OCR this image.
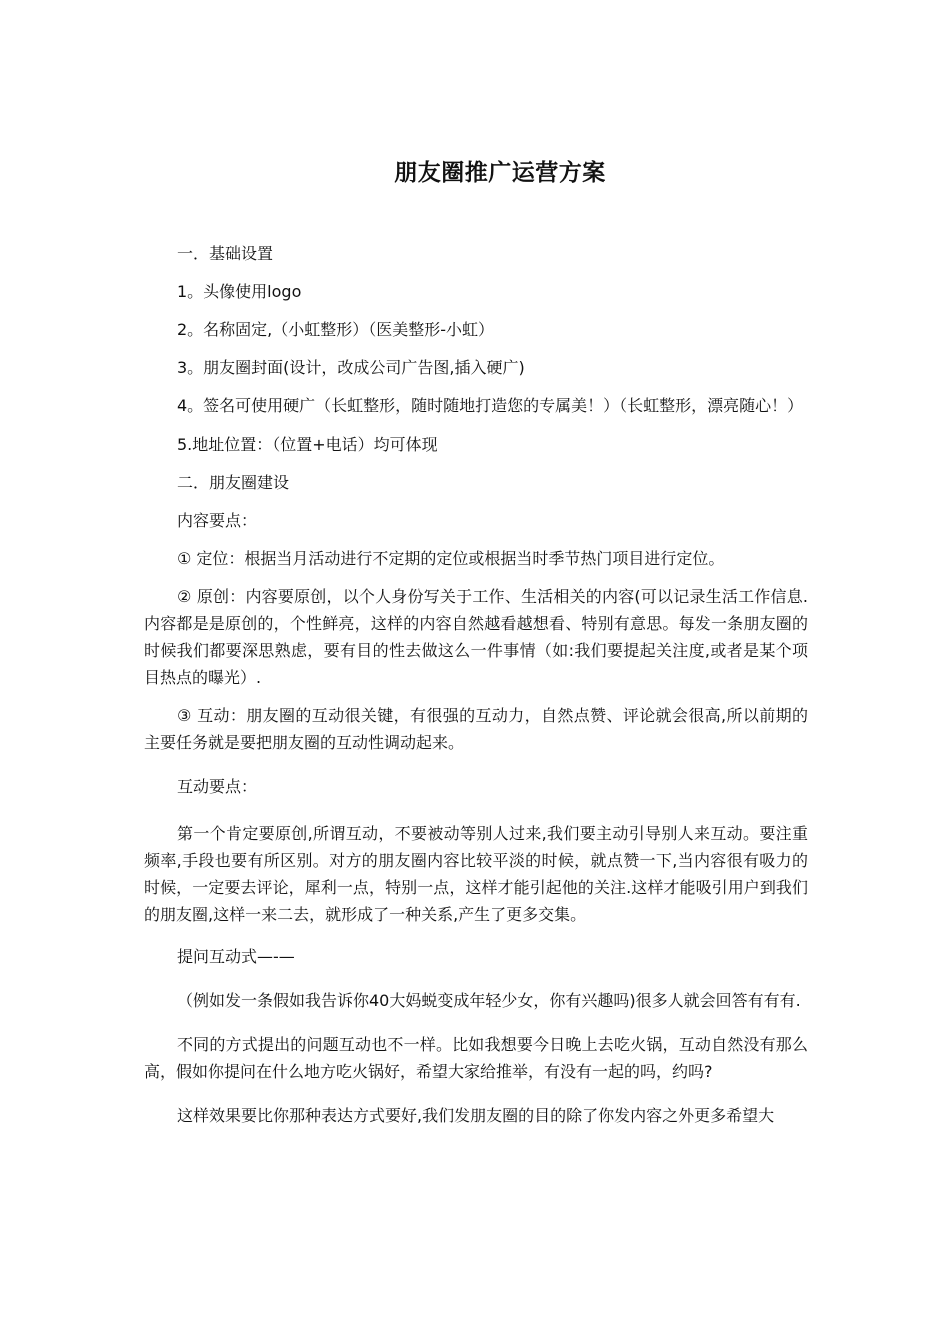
朋友圈推广运营方案

一．基础设置

1。头像使用logo

2。名称固定,（小虹整形）（医美整形-小虹）

3。朋友圈封面(设计，改成公司广告图,插入硬广)

4。签名可使用硬广（长虹整形，随时随地打造您的专属美！）（长虹整形，漂亮随心！）

5.地址位置：（位置+电话）均可体现

二．朋友圈建设

内容要点：

① 定位：根据当月活动进行不定期的定位或根据当时季节热门项目进行定位。

② 原创：内容要原创，以个人身份写关于工作、生活相关的内容(可以记录生活工作信息.内容都是是原创的，个性鲜亮，这样的内容自然越看越想看、特别有意思。每发一条朋友圈的时候我们都要深思熟虑，要有目的性去做这么一件事情（如:我们要提起关注度,或者是某个项目热点的曝光）.

③ 互动：朋友圈的互动很关键，有很强的互动力，自然点赞、评论就会很高,所以前期的主要任务就是要把朋友圈的互动性调动起来。

互动要点：

第一个肯定要原创,所谓互动，不要被动等别人过来,我们要主动引导别人来互动。要注重频率,手段也要有所区别。对方的朋友圈内容比较平淡的时候，就点赞一下,当内容很有吸力的时候，一定要去评论，犀利一点，特别一点，这样才能引起他的关注.这样才能吸引用户到我们的朋友圈,这样一来二去，就形成了一种关系,产生了更多交集。

提问互动式—-—

（例如发一条假如我告诉你40大妈蜕变成年轻少女，你有兴趣吗)很多人就会回答有有有.

不同的方式提出的问题互动也不一样。比如我想要今日晚上去吃火锅，互动自然没有那么高，假如你提问在什么地方吃火锅好，希望大家给推举，有没有一起的吗，约吗?

这样效果要比你那种表达方式要好,我们发朋友圈的目的除了你发内容之外更多希望大
